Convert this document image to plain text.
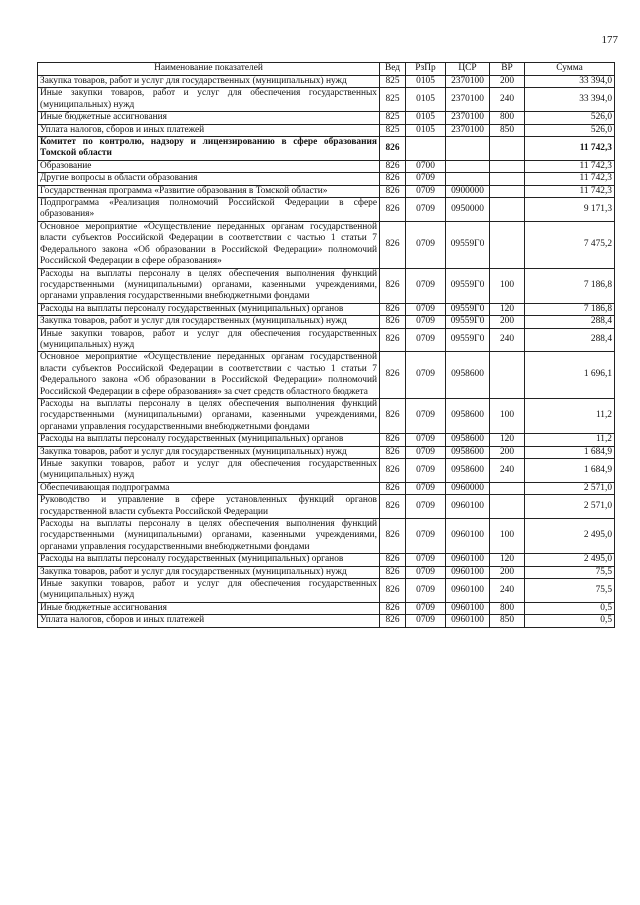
177
Наименование показателей	Вед	РзПр	ЦСР	ВР	Сумма
Закупка товаров, работ и услуг для государственных (муниципальных) нужд	825	0105	2370100	200	33 394,0
Иные закупки товаров, работ и услуг для обеспечения государственных (муниципальных) нужд	825	0105	2370100	240	33 394,0
Иные бюджетные ассигнования	825	0105	2370100	800	526,0
Уплата налогов, сборов и иных платежей	825	0105	2370100	850	526,0
Комитет по контролю, надзору и лицензированию в сфере образования Томской области	826				11 742,3
Образование	826	0700			11 742,3
Другие вопросы в области образования	826	0709			11 742,3
Государственная программа «Развитие образования в Томской области»	826	0709	0900000		11 742,3
Подпрограмма «Реализация полномочий Российской Федерации в сфере образования»	826	0709	0950000		9 171,3
Основное мероприятие «Осуществление переданных органам государственной власти субъектов Российской Федерации в соответствии с частью 1 статьи 7 Федерального закона «Об образовании в Российской Федерации» полномочий Российской Федерации в сфере образования»	826	0709	09559Г0		7 475,2
Расходы на выплаты персоналу в целях обеспечения выполнения функций государственными (муниципальными) органами, казенными учреждениями, органами управления государственными внебюджетными фондами	826	0709	09559Г0	100	7 186,8
Расходы на выплаты персоналу государственных (муниципальных) органов	826	0709	09559Г0	120	7 186,8
Закупка товаров, работ и услуг для государственных (муниципальных) нужд	826	0709	09559Г0	200	288,4
Иные закупки товаров, работ и услуг для обеспечения государственных (муниципальных) нужд	826	0709	09559Г0	240	288,4
Основное мероприятие «Осуществление переданных органам государственной власти субъектов Российской Федерации в соответствии с частью 1 статьи 7 Федерального закона «Об образовании в Российской Федерации» полномочий Российской Федерации в сфере образования» за счет средств областного бюджета	826	0709	0958600		1 696,1
Расходы на выплаты персоналу в целях обеспечения выполнения функций государственными (муниципальными) органами, казенными учреждениями, органами управления государственными внебюджетными фондами	826	0709	0958600	100	11,2
Расходы на выплаты персоналу государственных (муниципальных) органов	826	0709	0958600	120	11,2
Закупка товаров, работ и услуг для государственных (муниципальных) нужд	826	0709	0958600	200	1 684,9
Иные закупки товаров, работ и услуг для обеспечения государственных (муниципальных) нужд	826	0709	0958600	240	1 684,9
Обеспечивающая подпрограмма	826	0709	0960000		2 571,0
Руководство и управление в сфере установленных функций органов государственной власти субъекта Российской Федерации	826	0709	0960100		2 571,0
Расходы на выплаты персоналу в целях обеспечения выполнения функций государственными (муниципальными) органами, казенными учреждениями, органами управления государственными внебюджетными фондами	826	0709	0960100	100	2 495,0
Расходы на выплаты персоналу государственных (муниципальных) органов	826	0709	0960100	120	2 495,0
Закупка товаров, работ и услуг для государственных (муниципальных) нужд	826	0709	0960100	200	75,5
Иные закупки товаров, работ и услуг для обеспечения государственных (муниципальных) нужд	826	0709	0960100	240	75,5
Иные бюджетные ассигнования	826	0709	0960100	800	0,5
Уплата налогов, сборов и иных платежей	826	0709	0960100	850	0,5
